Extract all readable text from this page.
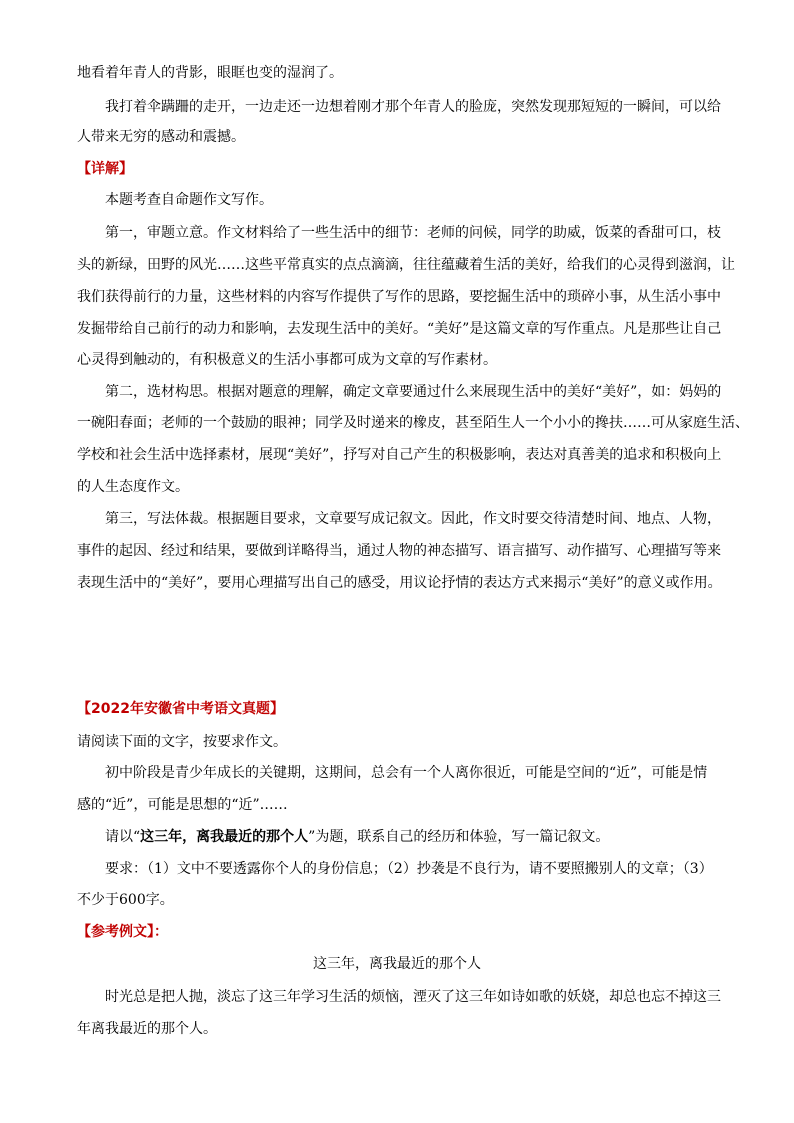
地看着年青人的背影，眼眶也变的湿润了。
我打着伞蹒跚的走开，一边走还一边想着刚才那个年青人的脸庞，突然发现那短短的一瞬间，可以给
人带来无穷的感动和震撼。
【详解】
本题考查自命题作文写作。
第一，审题立意。作文材料给了一些生活中的细节：老师的问候，同学的助威，饭菜的香甜可口，枝
头的新绿，田野的风光……这些平常真实的点点滴滴，往往蕴藏着生活的美好，给我们的心灵得到滋润，让
我们获得前行的力量，这些材料的内容写作提供了写作的思路，要挖掘生活中的琐碎小事，从生活小事中
发掘带给自己前行的动力和影响，去发现生活中的美好。“美好”是这篇文章的写作重点。凡是那些让自己
心灵得到触动的，有积极意义的生活小事都可成为文章的写作素材。
第二，选材构思。根据对题意的理解，确定文章要通过什么来展现生活中的美好“美好”，如：妈妈的
一碗阳春面；老师的一个鼓励的眼神；同学及时递来的橡皮，甚至陌生人一个小小的搀扶……可从家庭生活、
学校和社会生活中选择素材，展现“美好”，抒写对自己产生的积极影响，表达对真善美的追求和积极向上
的人生态度作文。
第三，写法体裁。根据题目要求，文章要写成记叙文。因此，作文时要交待清楚时间、地点、人物，
事件的起因、经过和结果，要做到详略得当，通过人物的神态描写、语言描写、动作描写、心理描写等来
表现生活中的“美好”，要用心理描写出自己的感受，用议论抒情的表达方式来揭示“美好”的意义或作用。
【2022年安徽省中考语文真题】
请阅读下面的文字，按要求作文。
初中阶段是青少年成长的关键期，这期间，总会有一个人离你很近，可能是空间的“近”，可能是情
感的“近”，可能是思想的“近”……
请以“这三年，离我最近的那个人”为题，联系自己的经历和体验，写一篇记叙文。
要求：（1）文中不要透露你个人的身份信息；（2）抄袭是不良行为，请不要照搬别人的文章；（3）
不少于600字。
【参考例文】：
这三年，离我最近的那个人
时光总是把人抛，淡忘了这三年学习生活的烦恼，湮灭了这三年如诗如歌的妖娆，却总也忘不掉这三
年离我最近的那个人。
